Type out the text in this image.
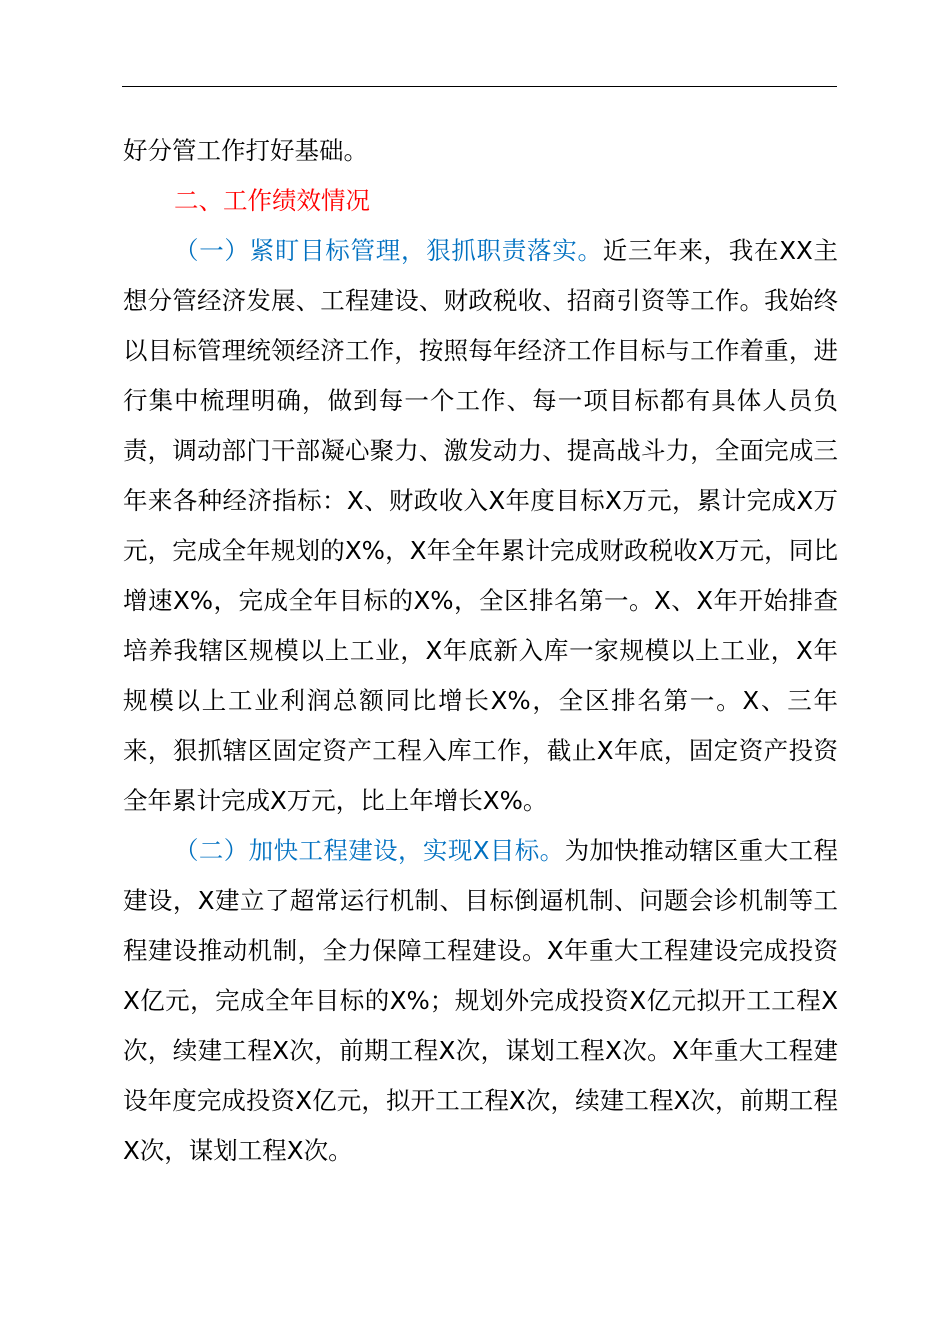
好分管工作打好基础。

二、工作绩效情况

（一）紧盯目标管理，狠抓职责落实。近三年来，我在XX主想分管经济发展、工程建设、财政税收、招商引资等工作。我始终以目标管理统领经济工作，按照每年经济工作目标与工作着重，进行集中梳理明确，做到每一个工作、每一项目标都有具体人员负责，调动部门干部凝心聚力、激发动力、提高战斗力，全面完成三年来各种经济指标：X、财政收入X年度目标X万元，累计完成X万元，完成全年规划的X%，X年全年累计完成财政税收X万元，同比增速X%，完成全年目标的X%，全区排名第一。X、X年开始排查培养我辖区规模以上工业，X年底新入库一家规模以上工业，X年规模以上工业利润总额同比增长X%，全区排名第一。X、三年来，狠抓辖区固定资产工程入库工作，截止X年底，固定资产投资全年累计完成X万元，比上年增长X%。

（二）加快工程建设，实现X目标。为加快推动辖区重大工程建设，X建立了超常运行机制、目标倒逼机制、问题会诊机制等工程建设推动机制，全力保障工程建设。X年重大工程建设完成投资X亿元，完成全年目标的X%；规划外完成投资X亿元拟开工工程X次，续建工程X次，前期工程X次，谋划工程X次。X年重大工程建设年度完成投资X亿元，拟开工工程X次，续建工程X次，前期工程X次，谋划工程X次。
